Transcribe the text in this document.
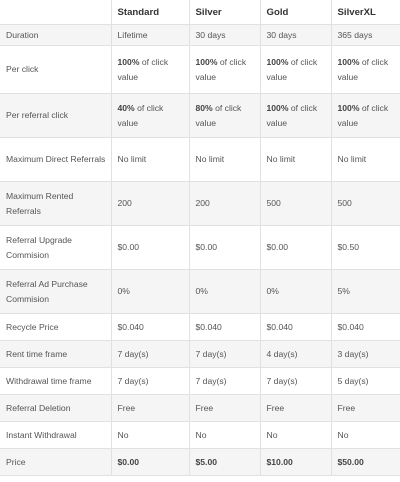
	Standard	Silver	Gold	SilverXL
Duration	Lifetime	30 days	30 days	365 days
Per click	100% of click value	100% of click value	100% of click value	100% of click value
Per referral click	40% of click value	80% of click value	100% of click value	100% of click value
Maximum Direct Referrals	No limit	No limit	No limit	No limit
Maximum Rented Referrals	200	200	500	500
Referral Upgrade Commision	$0.00	$0.00	$0.00	$0.50
Referral Ad Purchase Commision	0%	0%	0%	5%
Recycle Price	$0.040	$0.040	$0.040	$0.040
Rent time frame	7 day(s)	7 day(s)	4 day(s)	3 day(s)
Withdrawal time frame	7 day(s)	7 day(s)	7 day(s)	5 day(s)
Referral Deletion	Free	Free	Free	Free
Instant Withdrawal	No	No	No	No
Price	$0.00	$5.00	$10.00	$50.00
